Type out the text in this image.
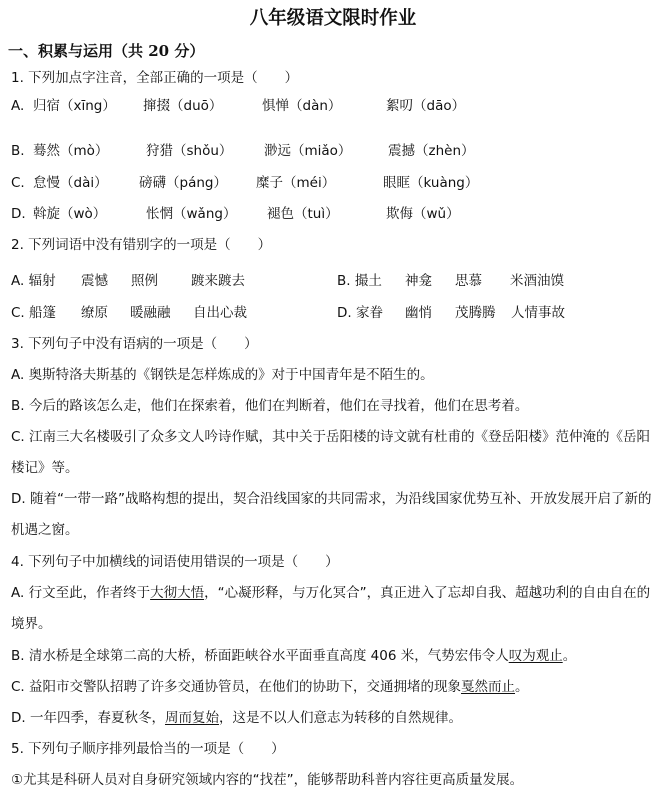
八年级语文限时作业
一、积累与运用（共 20 分）
1. 下列加点字注音，全部正确的一项是（　　）
A. 归宿（xīng） 撺掇（duō）	惧惮（dàn）	絮叨（dāo）
B. 蓦然（mò）	狩猎（shǒu） 渺远（miǎo）	震撼（zhèn）
C. 怠慢（dài） 磅礴（páng） 糜子（méi）	眼眶（kuàng）
D. 斡旋（wò）	怅惘（wǎng） 褪色（tuì）	欺侮（wǔ）
2. 下列词语中没有错别字的一项是（　　）
A. 辐射 震憾 照例 踱来踱去	B. 撮土 神龛 思慕 米酒油馍
C. 船篷 缭原 暖融融 自出心裁	D. 家眷 幽悄 茂腾腾 人情事故
3. 下列句子中没有语病的一项是（　　）
A. 奥斯特洛夫斯基的《钢铁是怎样炼成的》对于中国青年是不陌生的。
B. 今后的路该怎么走，他们在探索着，他们在判断着，他们在寻找着，他们在思考着。
C. 江南三大名楼吸引了众多文人吟诗作赋，其中关于岳阳楼的诗文就有杜甫的《登岳阳楼》范仲淹的《岳阳楼记》等。
D. 随着“一带一路”战略构想的提出，契合沿线国家的共同需求，为沿线国家优势互补、开放发展开启了新的机遇之窗。
4. 下列句子中加横线的词语使用错误的一项是（　　）
A. 行文至此，作者终于大彻大悟，“心凝形释，与万化冥合”，真正进入了忘却自我、超越功利的自由自在的境界。
B. 清水桥是全球第二高的大桥，桥面距峡谷水平面垂直高度 406 米，气势宏伟令人叹为观止。
C. 益阳市交警队招聘了许多交通协管员，在他们的协助下，交通拥堵的现象戛然而止。
D. 一年四季，春夏秋冬，周而复始，这是不以人们意志为转移的自然规律。
5. 下列句子顺序排列最恰当的一项是（　　）
①尤其是科研人员对自身研究领域内容的“找茬”，能够帮助科普内容往更高质量发展。
